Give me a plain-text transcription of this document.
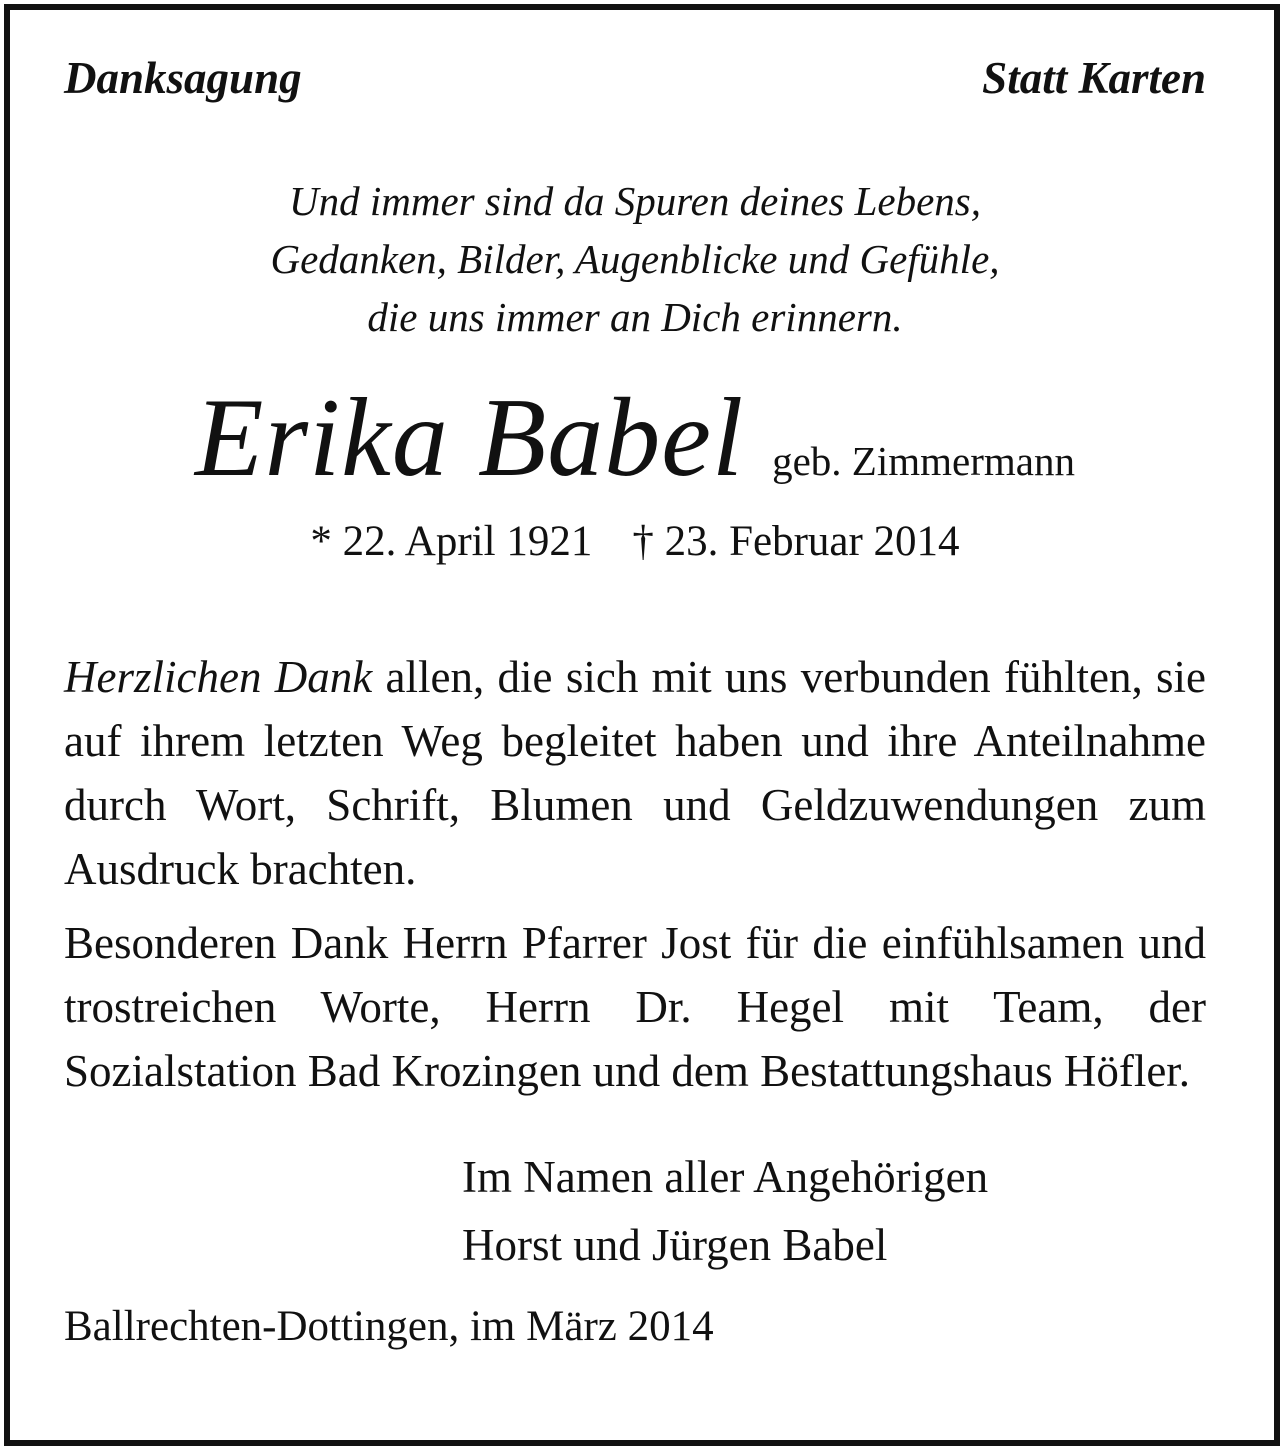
Danksagung	Statt Karten
Und immer sind da Spuren deines Lebens,
Gedanken, Bilder, Augenblicke und Gefühle,
die uns immer an Dich erinnern.
Erika Babel geb. Zimmermann
* 22. April 1921 † 23. Februar 2014

Herzlichen Dank allen, die sich mit uns verbunden fühlten, sie auf ihrem letzten Weg begleitet haben und ihre Anteilnahme durch Wort, Schrift, Blumen und Geldzuwendungen zum Ausdruck brachten.

Besonderen Dank Herrn Pfarrer Jost für die einfühlsamen und trostreichen Worte, Herrn Dr. Hegel mit Team, der Sozialstation Bad Krozingen und dem Bestattungshaus Höfler.

Im Namen aller Angehörigen
Horst und Jürgen Babel
Ballrechten-Dottingen, im März 2014
